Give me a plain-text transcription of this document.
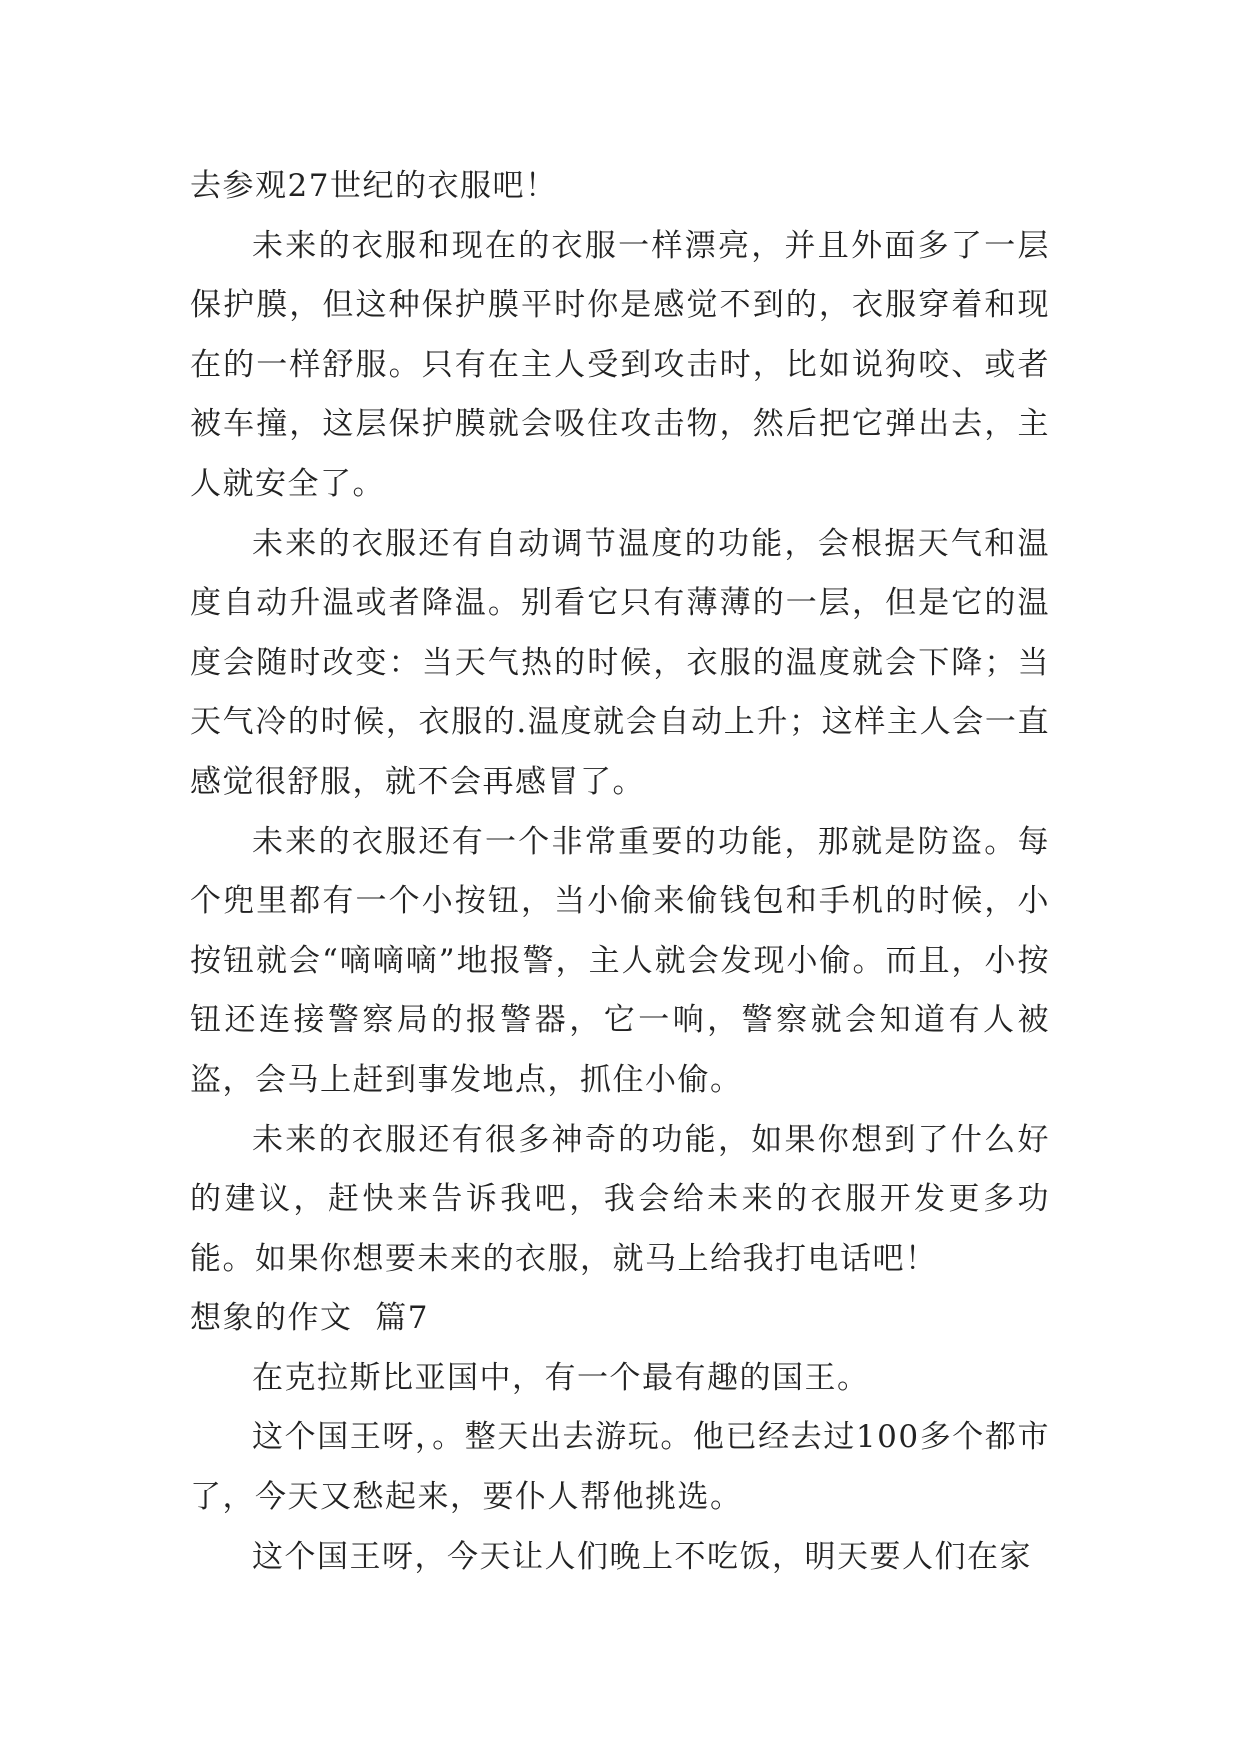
去参观27世纪的衣服吧！

未来的衣服和现在的衣服一样漂亮，并且外面多了一层保护膜，但这种保护膜平时你是感觉不到的，衣服穿着和现在的一样舒服。只有在主人受到攻击时，比如说狗咬、或者被车撞，这层保护膜就会吸住攻击物，然后把它弹出去，主人就安全了。

未来的衣服还有自动调节温度的功能，会根据天气和温度自动升温或者降温。别看它只有薄薄的一层，但是它的温度会随时改变：当天气热的时候，衣服的温度就会下降；当天气冷的时候，衣服的.温度就会自动上升；这样主人会一直感觉很舒服，就不会再感冒了。

未来的衣服还有一个非常重要的功能，那就是防盗。每个兜里都有一个小按钮，当小偷来偷钱包和手机的时候，小按钮就会“嘀嘀嘀”地报警，主人就会发现小偷。而且，小按钮还连接警察局的报警器，它一响，警察就会知道有人被盗，会马上赶到事发地点，抓住小偷。

未来的衣服还有很多神奇的功能，如果你想到了什么好的建议，赶快来告诉我吧，我会给未来的衣服开发更多功能。如果你想要未来的衣服，就马上给我打电话吧！

想象的作文  篇7

在克拉斯比亚国中，有一个最有趣的国王。

这个国王呀，。整天出去游玩。他已经去过100多个都市了，今天又愁起来，要仆人帮他挑选。

这个国王呀，今天让人们晚上不吃饭，明天要人们在家
